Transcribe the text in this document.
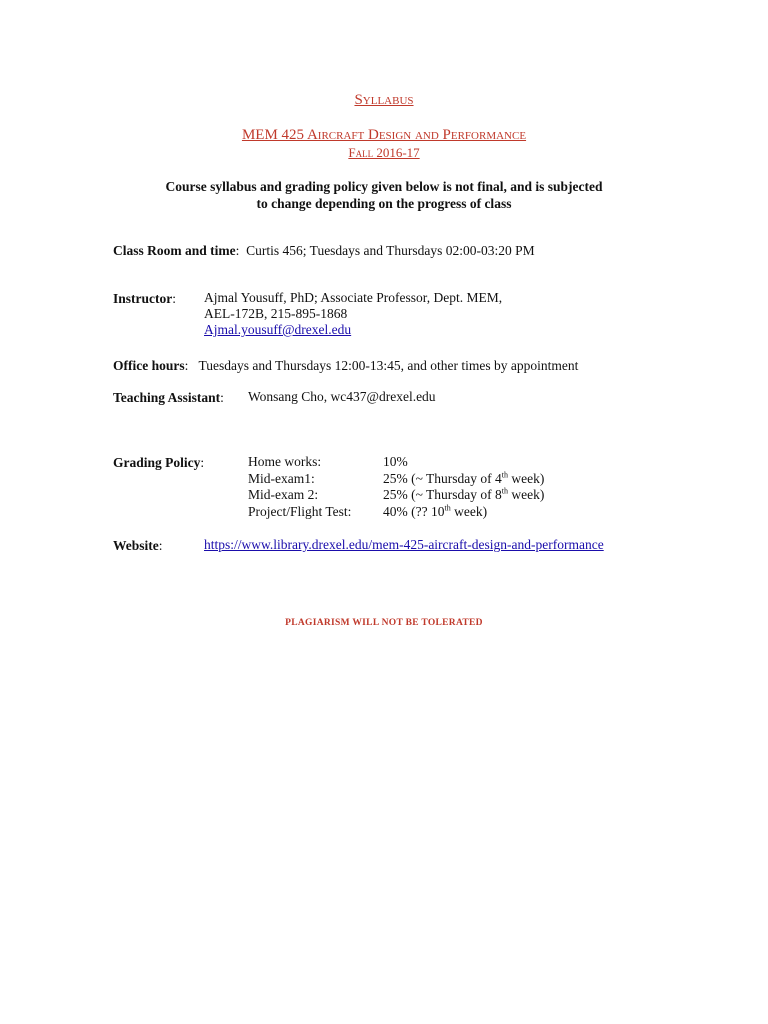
Syllabus
MEM 425 Aircraft Design and Performance
Fall 2016-17
Course syllabus and grading policy given below is not final, and is subjected
to change depending on the progress of class
Class Room and time:  Curtis 456; Tuesdays and Thursdays 02:00-03:20 PM
Instructor: Ajmal Yousuff, PhD; Associate Professor, Dept. MEM,
AEL-172B, 215-895-1868
Ajmal.yousuff@drexel.edu
Office hours:   Tuesdays and Thursdays 12:00-13:45, and other times by appointment
Teaching Assistant: Wonsang Cho, wc437@drexel.edu
Grading Policy:	Home works:	10%
Mid-exam1:	25% (~ Thursday of 4th week)
Mid-exam 2:	25% (~ Thursday of 8th week)
Project/Flight Test: 40% (?? 10th week)
Website:	https://www.library.drexel.edu/mem-425-aircraft-design-and-performance
PLAGIARISM WILL NOT BE TOLERATED
